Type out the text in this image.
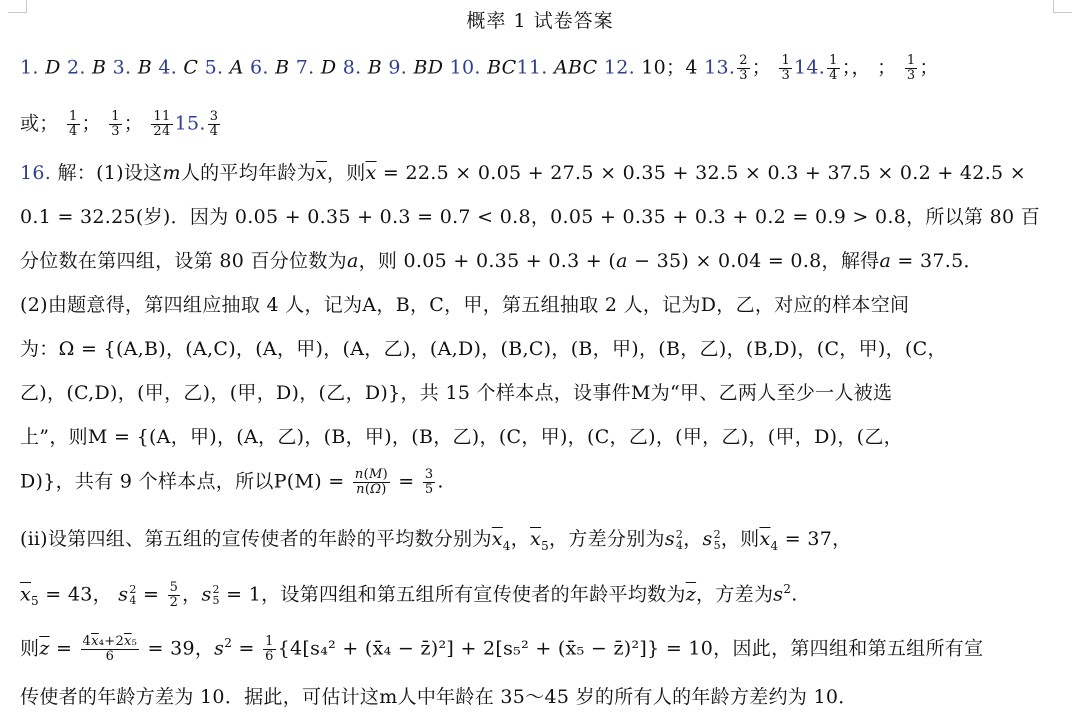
概率 1 试卷答案
1. D 2. B 3. B 4. C 5. A 6. B 7. D 8. B 9. BD 10. BC11. ABC 12. 10；4 13. $\frac{2}{3}$ ； $\frac{1}{3} 14$. $\frac{1}{4}$ ；， ； $\frac{1}{3}$ ；
或； $\frac{1}{4}$ ； $\frac{1}{3}$ ； $\frac{11}{24} 15$. $\frac{3}{4}$
16. 解：(1)设这m人的平均年龄为$\overline{x}$，则$\overline{x} = 22.5 \times 0.05 + 27.5 \times 0.35 + 32.5 \times 0.3 + 37.5 \times 0.2 + 42.5$ ×
0.1 = 32.25(岁)．因为 0.05 + 0.35 + 0.3 = 0.7 < 0.8，0.05 + 0.35 + 0.3 + 0.2 = 0.9 > 0.8，所以第 80 百
分位数在第四组，设第 80 百分位数为a，则 0.05 + 0.35 + 0.3 + (a − 35) × 0.04 = 0.8，解得a = 37.5．
(2)由题意得，第四组应抽取 4 人，记为A，B，C，甲，第五组抽取 2 人，记为D，乙，对应的样本空间
为：Ω = {(A,B)，(A,C)，(A，甲)，(A，乙)，(A,D)，(B,C)，(B，甲)，(B，乙)，(B,D)，(C，甲)，(C，
乙)，(C,D)，(甲，乙)，(甲，D)，(乙，D)}，共 15 个样本点，设事件M为“甲、乙两人至少一人被选
上”，则M = {(A，甲)，(A，乙)，(B，甲)，(B，乙)，(C，甲)，(C，乙)，(甲，乙)，(甲，D)，(乙，
D)}，共有 9 个样本点，所以$P(M) = \frac{n(M)}{n(\Omega)} = \frac{3}{5}$ .
(ⅱ)设第四组、第五组的宣传使者的年龄的平均数分别为$\overline{x}_4$，$\overline{x}_5$，方差分别为s 2
4 ，s 2
5 ，则$\overline{x}_4 = 37$，
$\overline{x}_5 = 43$， s 2
$4 = \frac{5}{2}$ ，s 2
5 = 1，设第四组和第五组所有宣传使者的年龄平均数为$\overline{z}$，方差为$s^2$.
则$\overline{z} = \frac{4\overline{x}_4+2\overline{x}_5}{6} = 39$，$s^2 = \frac{1}{6} \{4[s_4^2$ + (x̄₄ − z̄)²] + 2[s₅² + (x̄₅ − z̄)²]} = 10，因此，第四组和第五组所有宣
传使者的年龄方差为 10．据此，可估计这m人中年龄在 35～45 岁的所有人的年龄方差约为 10．
